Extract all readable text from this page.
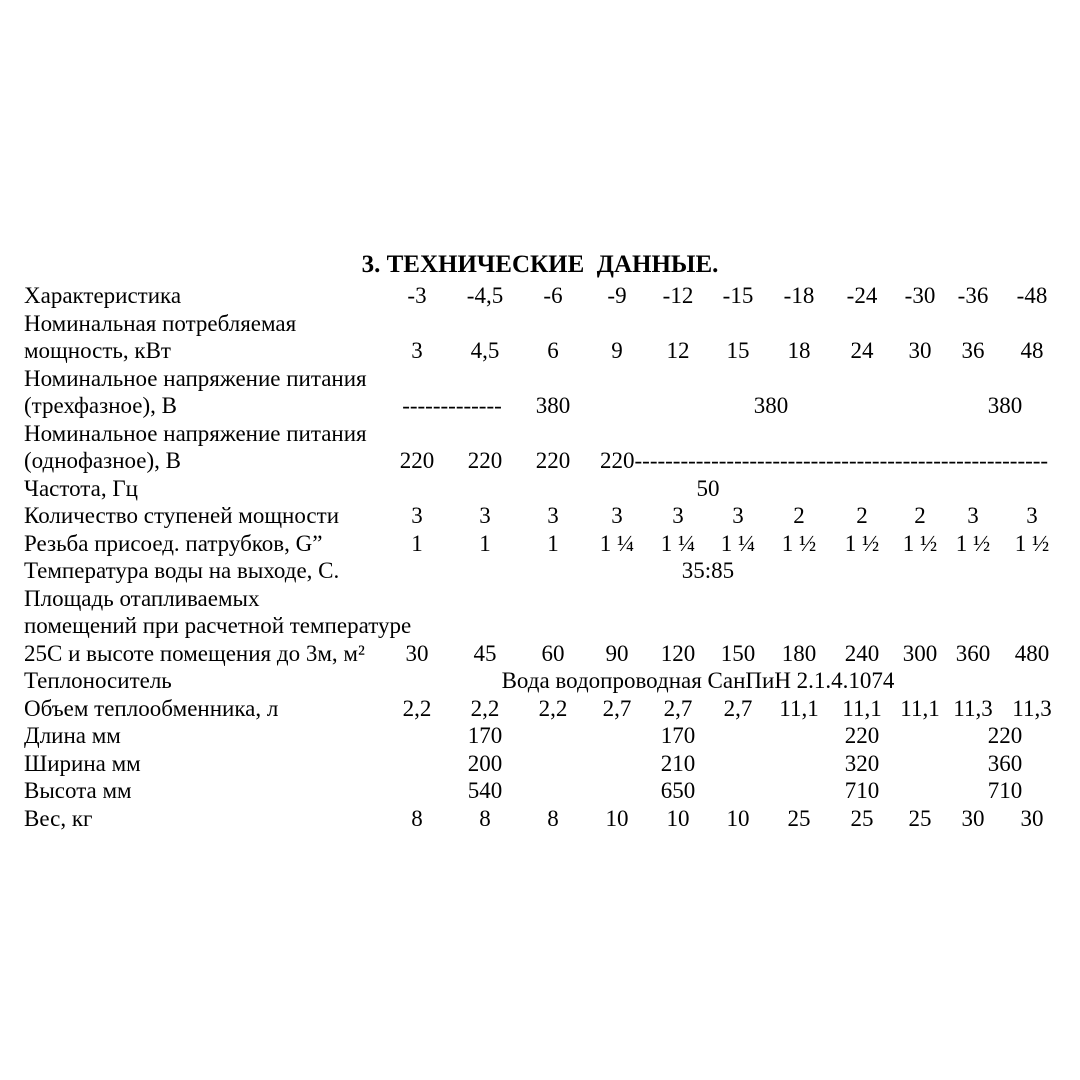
3. ТЕХНИЧЕСКИЕ  ДАННЫЕ.
Характеристика	-3	-4,5	-6	-9	-12	-15	-18	-24	-30 -36	-48
Номинальная потребляемая
мощность, кВт	3	4,5	6	9	12	15	18	24	30	36	48
Номинальное напряжение питания
(трехфазное), В	-------------	380	380	380
Номинальное напряжение питания
(однофазное), В	220	220	220	220------------------------------------------------------
Частота, Гц	50
Количество ступеней мощности	3	3	3	3	3	3	2	2	2	3	3
Резьба присоед. патрубков, G”	1	1	1	1 ¼	1 ¼	1 ¼	1 ½	1 ½	1 ½ 1 ½	1 ½
Температура воды на выходе, С.	35:85
Площадь отапливаемых
помещений при расчетной температуре
25С и высоте помещения до 3м, м²	30	45	60	90	120	150	180	240	300 360	480
Теплоноситель	Вода водопроводная СанПиН 2.1.4.1074
Объем теплообменника, л	2,2	2,2	2,2	2,7	2,7	2,7	11,1	11,1 11,1 11,3 11,3
Длина мм	170	170	220	220
Ширина мм	200	210	320	360
Высота мм	540	650	710	710
Вес, кг	8	8	8	10	10	10	25	25	25	30	30
